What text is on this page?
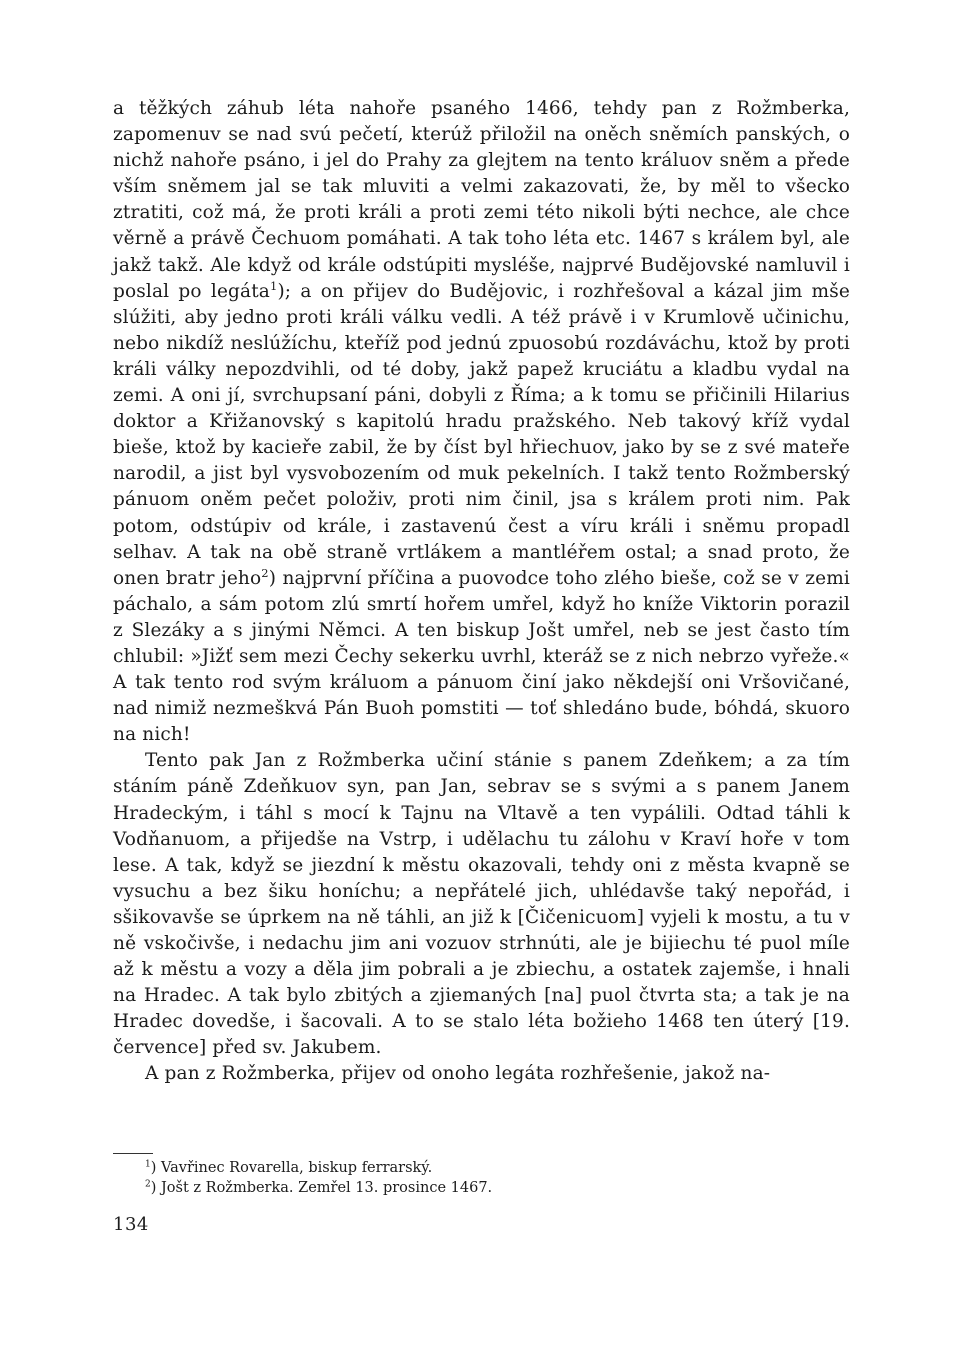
a těžkých záhub léta nahoře psaného 1466, tehdy pan z Rožmberka, zapomenuv se nad svú pečetí, kterúž přiložil na oněch sněmích panských, o nichž nahoře psáno, i jel do Prahy za glejtem na tento králuov sněm a přede vším sněmem jal se tak mluviti a velmi zakazovati, že, by měl to všecko ztratiti, což má, že proti králi a proti zemi této nikoli býti nechce, ale chce věrně a právě Čechuom pomáhati. A tak toho léta etc. 1467 s králem byl, ale jakž takž. Ale když od krále odstúpiti mysléše, najprvé Budějovské namluvil i poslal po legáta$^1$); a on přijev do Budějovic, i rozhřešoval a kázal jim mše slúžiti, aby jedno proti králi válku vedli. A též právě i v Krumlově učinichu, nebo nikdíž neslúžíchu, kteříž pod jednú zpuosobú rozdáváchu, ktož by proti králi války nepozdvihli, od té doby, jakž papež kruciátu a kladbu vydal na zemi. A oni jí, svrchupsaní páni, dobyli z Říma; a k tomu se přičinili Hilarius doktor a Křižanovský s kapitolú hradu pražského. Neb takový kříž vydal bieše, ktož by kacieře zabil, že by číst byl hřiechuov, jako by se z své mateře narodil, a jist byl vysvobozením od muk pekelních. I takž tento Rožmberský pánuom oněm pečet položiv, proti nim činil, jsa s králem proti nim. Pak potom, odstúpiv od krále, i zastavenú čest a víru králi i sněmu propadl selhav. A tak na obě straně vrtlákem a mantléřem ostal; a snad proto, že onen bratr jeho$^2$) najprvní příčina a puovodce toho zlého bieše, což se v zemi páchalo, a sám potom zlú smrtí hořem umřel, když ho kníže Viktorin porazil z Slezáky a s jinými Němci. A ten biskup Jošt umřel, neb se jest často tím chlubil: »Jižť sem mezi Čechy sekerku uvrhl, kteráž se z nich nebrzo vyřeže.« A tak tento rod svým králuom a pánuom činí jako někdejší oni Vršovičané, nad nimiž nezmeškvá Pán Buoh pomstiti — toť shledáno bude, bóhdá, skuoro na nich!

Tento pak Jan z Rožmberka učiní stánie s panem Zdeňkem; a za tím stáním páně Zdeňkuov syn, pan Jan, sebrav se s svými a s panem Janem Hradeckým, i táhl s mocí k Tajnu na Vltavě a ten vypálili. Odtad táhli k Vodňanuom, a přijedše na Vstrp, i udělachu tu zálohu v Kraví hoře v tom lese. A tak, když se jiezdní k městu okazovali, tehdy oni z města kvapně se vysuchu a bez šiku honíchu; a nepřátelé jich, uhlédavše taký nepořád, i sšikovavše se úprkem na ně táhli, an již k [Čičenicuom] vyjeli k mostu, a tu v ně vskočivše, i nedachu jim ani vozuov strhnúti, ale je bijiechu té puol míle až k městu a vozy a děla jim pobrali a je zbiechu, a ostatek zajemše, i hnali na Hradec. A tak bylo zbitých a zjiemaných [na] puol čtvrta sta; a tak je na Hradec dovedše, i šacovali. A to se stalo léta božieho 1468 ten úterý [19. července] před sv. Jakubem.

A pan z Rožmberka, přijev od onoho legáta rozhřešenie, jakož na-

$^1$) Vavřinec Rovarella, biskup ferrarský.

$^2$) Jošt z Rožmberka. Zemřel 13. prosince 1467.

134
